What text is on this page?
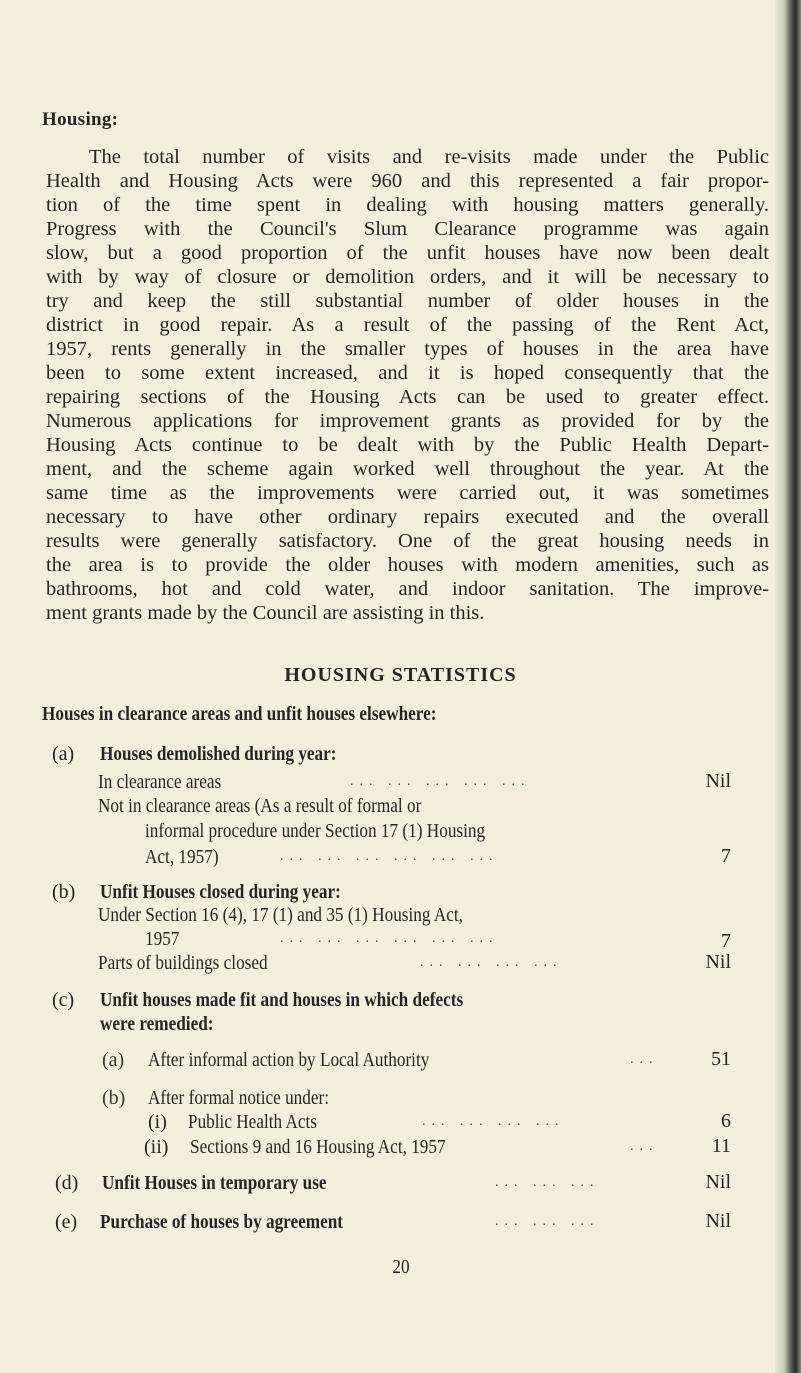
Housing:
The total number of visits and re-visits made under the Public
Health and Housing Acts were 960 and this represented a fair propor-
tion of the time spent in dealing with housing matters generally.
Progress with the Council's Slum Clearance programme was again
slow, but a good proportion of the unfit houses have now been dealt
with by way of closure or demolition orders, and it will be necessary to
try and keep the still substantial number of older houses in the
district in good repair. As a result of the passing of the Rent Act,
1957, rents generally in the smaller types of houses in the area have
been to some extent increased, and it is hoped consequently that the
repairing sections of the Housing Acts can be used to greater effect.
Numerous applications for improvement grants as provided for by the
Housing Acts continue to be dealt with by the Public Health Depart-
ment, and the scheme again worked well throughout the year. At the
same time as the improvements were carried out, it was sometimes
necessary to have other ordinary repairs executed and the overall
results were generally satisfactory. One of the great housing needs in
the area is to provide the older houses with modern amenities, such as
bathrooms, hot and cold water, and indoor sanitation. The improve-
ment grants made by the Council are assisting in this.
HOUSING STATISTICS
Houses in clearance areas and unfit houses elsewhere:
(a) Houses demolished during year:
In clearance areas	... ... ... ... ...	Nil
Not in clearance areas (As a result of formal or
informal procedure under Section 17 (1) Housing
Act, 1957)	... ... ... ... ... ...	7
(b) Unfit Houses closed during year:
Under Section 16 (4), 17 (1) and 35 (1) Housing Act,
1957	... ... ... ... ... ...	7
Parts of buildings closed	... ... ... ...	Nil
(c) Unfit houses made fit and houses in which defects
were remedied:
(a) After informal action by Local Authority	...	51
(b) After formal notice under:
(i) Public Health Acts	... ... ... ...	6
(ii) Sections 9 and 16 Housing Act, 1957	...	11
(d) Unfit Houses in temporary use	... ... ...	Nil
(e) Purchase of houses by agreement	... ... ...	Nil
20
